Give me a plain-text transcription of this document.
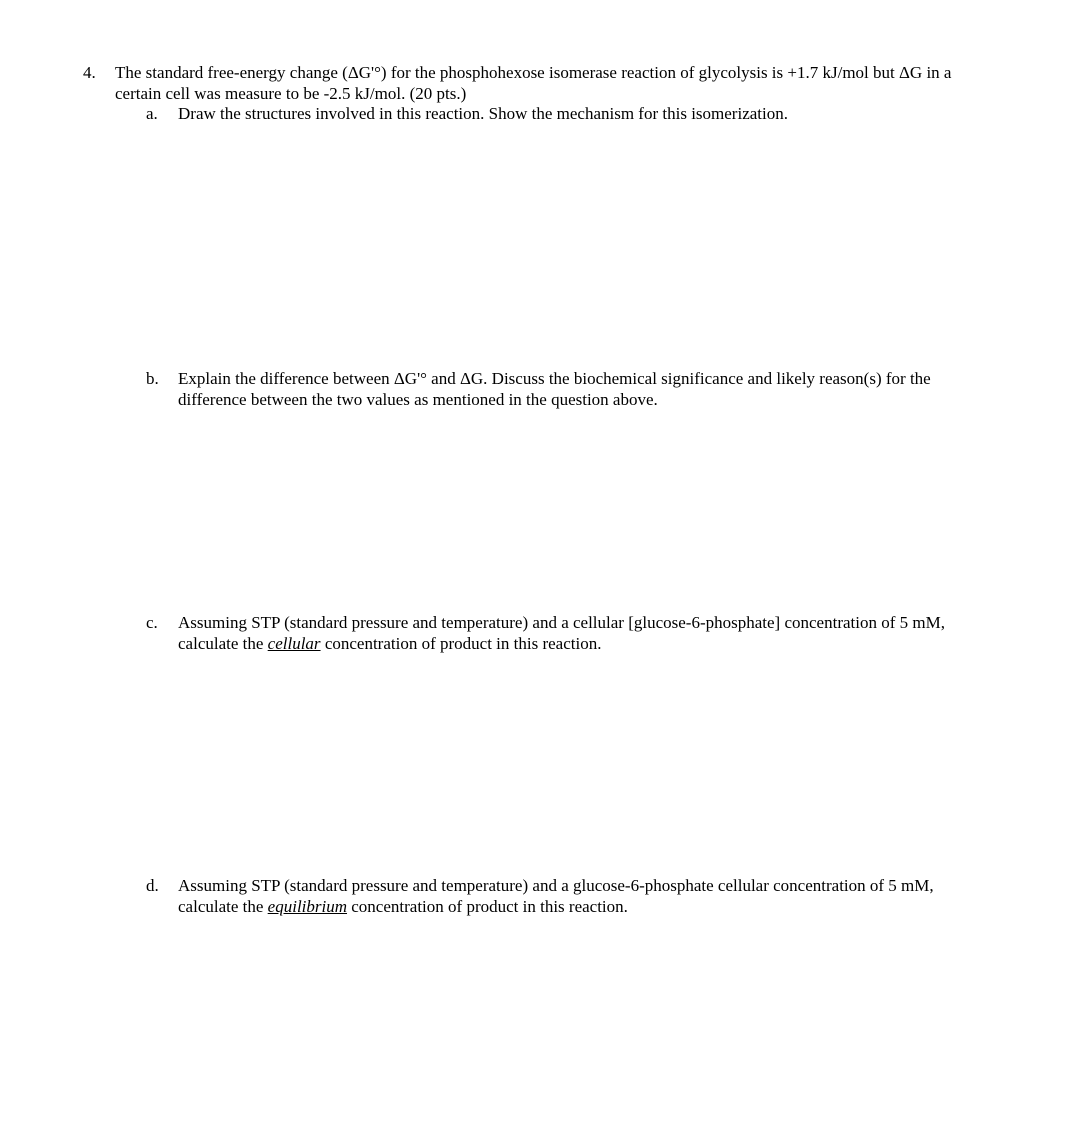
4. The standard free-energy change (ΔG'°) for the phosphohexose isomerase reaction of glycolysis is +1.7 kJ/mol but ΔG in a certain cell was measure to be -2.5 kJ/mol. (20 pts.)
a. Draw the structures involved in this reaction. Show the mechanism for this isomerization.
b. Explain the difference between ΔG'° and ΔG. Discuss the biochemical significance and likely reason(s) for the difference between the two values as mentioned in the question above.
c. Assuming STP (standard pressure and temperature) and a cellular [glucose-6-phosphate] concentration of 5 mM, calculate the cellular concentration of product in this reaction.
d. Assuming STP (standard pressure and temperature) and a glucose-6-phosphate cellular concentration of 5 mM, calculate the equilibrium concentration of product in this reaction.
